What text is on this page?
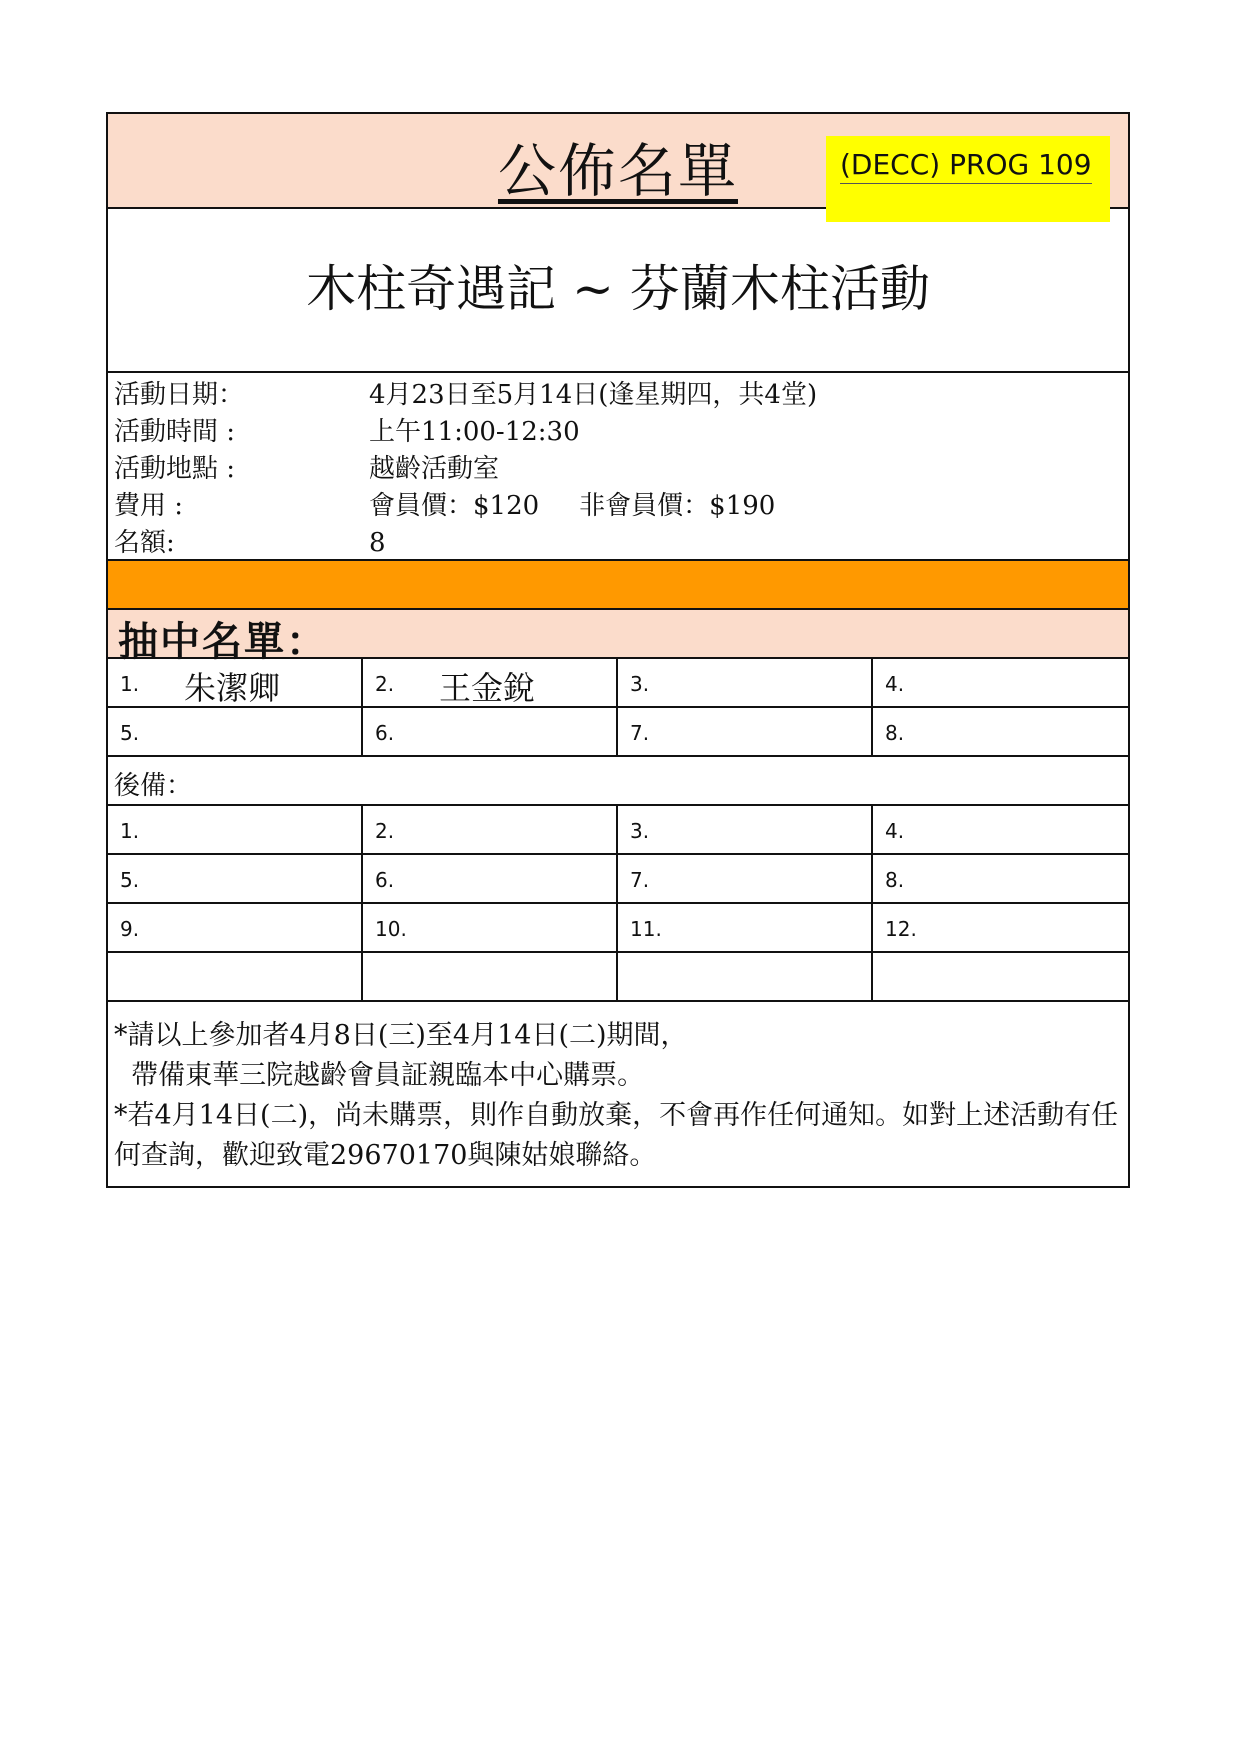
公佈名單	(DECC) PROG 109
木柱奇遇記 ~ 芬蘭木柱活動
活動日期：	4月23日至5月14日(逢星期四，共4堂)
活動時間 :	上午11:00-12:30
活動地點 :	越齡活動室
費用 :	會員價：$120 非會員價：$190
名額:	8
抽中名單：
1. 朱潔卿	2. 王金銳	3.	4.
5.	6.	7.	8.
後備：
1.	2.	3.	4.
5.	6.	7.	8.
9.	10.	11.	12.
*請以上參加者4月8日(三)至4月14日(二)期間，
帶備東華三院越齡會員証親臨本中心購票。
*若4月14日(二)，尚未購票，則作自動放棄，不會再作任何通知。如對上述活動有任何查詢，歡迎致電29670170與陳姑娘聯絡。
